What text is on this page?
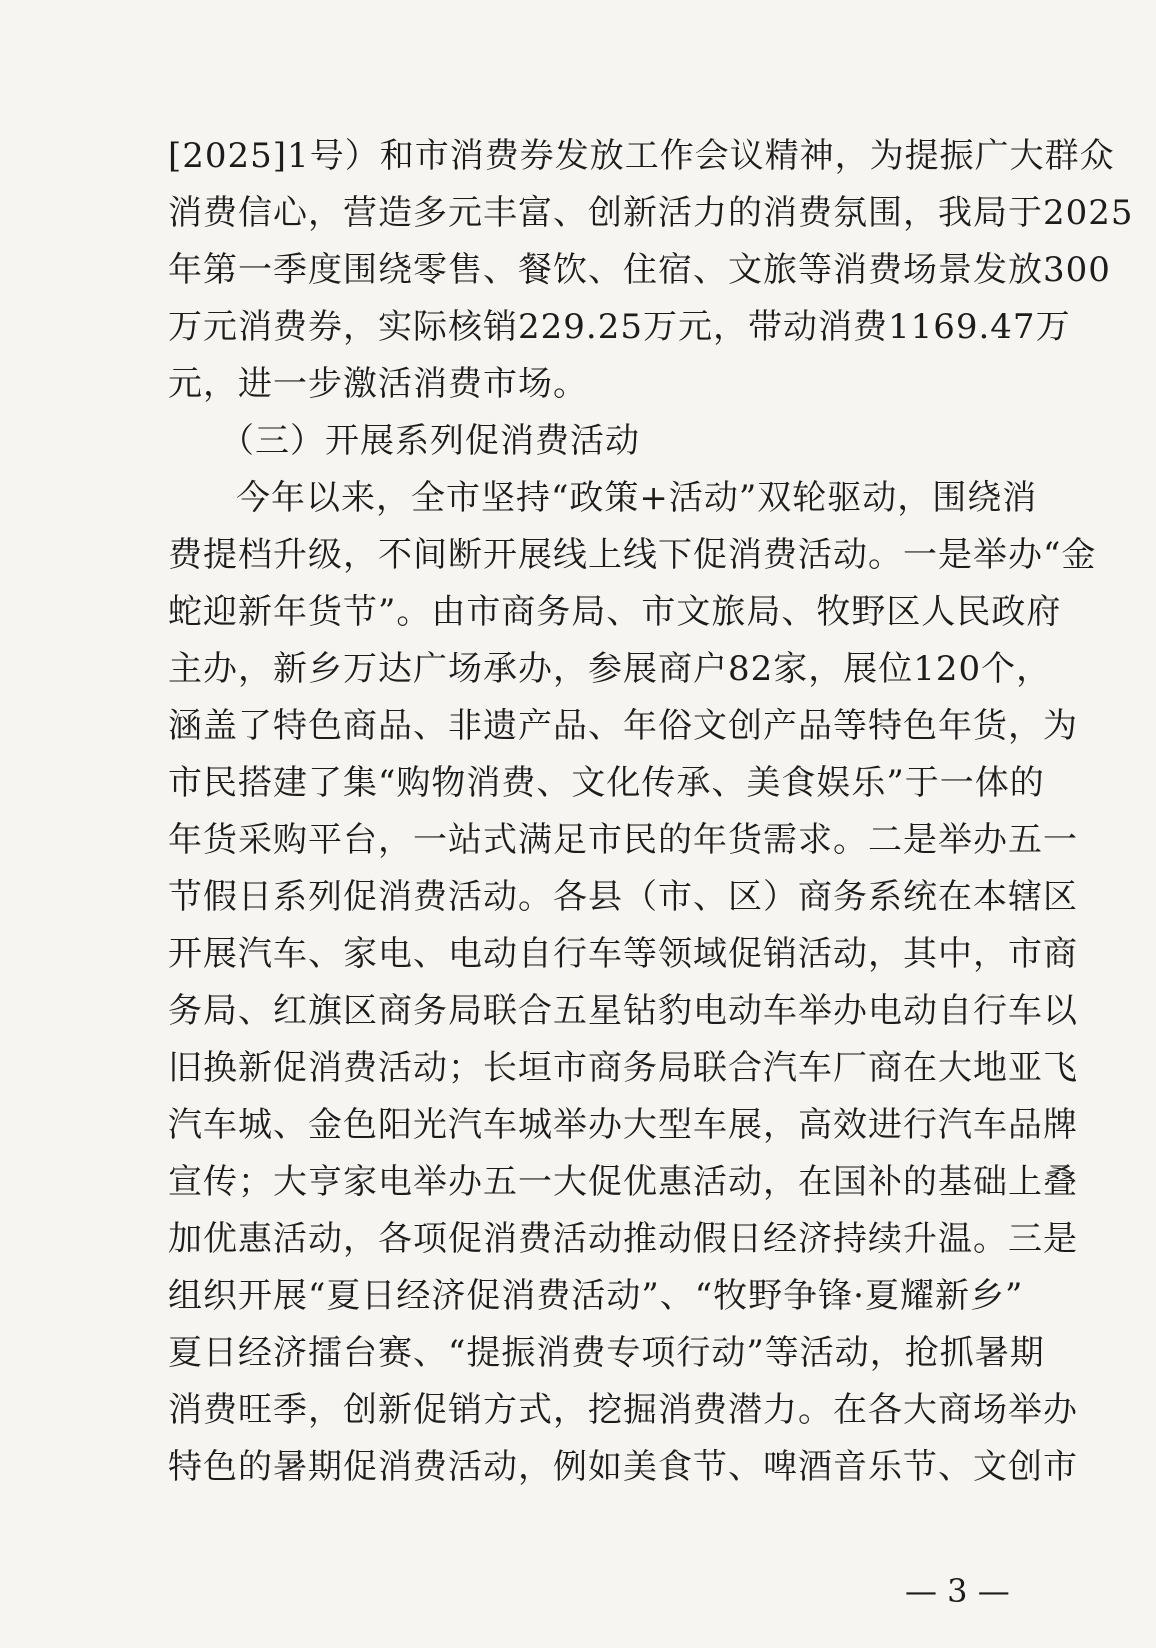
[2025]1号）和市消费券发放工作会议精神，为提振广大群众
消费信心，营造多元丰富、创新活力的消费氛围，我局于2025
年第一季度围绕零售、餐饮、住宿、文旅等消费场景发放300
万元消费券，实际核销229.25万元，带动消费1169.47万
元，进一步激活消费市场。
（三）开展系列促消费活动
今年以来，全市坚持“政策+活动”双轮驱动，围绕消
费提档升级，不间断开展线上线下促消费活动。一是举办“金
蛇迎新年货节”。由市商务局、市文旅局、牧野区人民政府
主办，新乡万达广场承办，参展商户82家，展位120个，
涵盖了特色商品、非遗产品、年俗文创产品等特色年货，为
市民搭建了集“购物消费、文化传承、美食娱乐”于一体的
年货采购平台，一站式满足市民的年货需求。二是举办五一
节假日系列促消费活动。各县（市、区）商务系统在本辖区
开展汽车、家电、电动自行车等领域促销活动，其中，市商
务局、红旗区商务局联合五星钻豹电动车举办电动自行车以
旧换新促消费活动；长垣市商务局联合汽车厂商在大地亚飞
汽车城、金色阳光汽车城举办大型车展，高效进行汽车品牌
宣传；大亨家电举办五一大促优惠活动，在国补的基础上叠
加优惠活动，各项促消费活动推动假日经济持续升温。三是
组织开展“夏日经济促消费活动”、“牧野争锋·夏耀新乡”
夏日经济擂台赛、“提振消费专项行动”等活动，抢抓暑期
消费旺季，创新促销方式，挖掘消费潜力。在各大商场举办
特色的暑期促消费活动，例如美食节、啤酒音乐节、文创市
— 3 —
